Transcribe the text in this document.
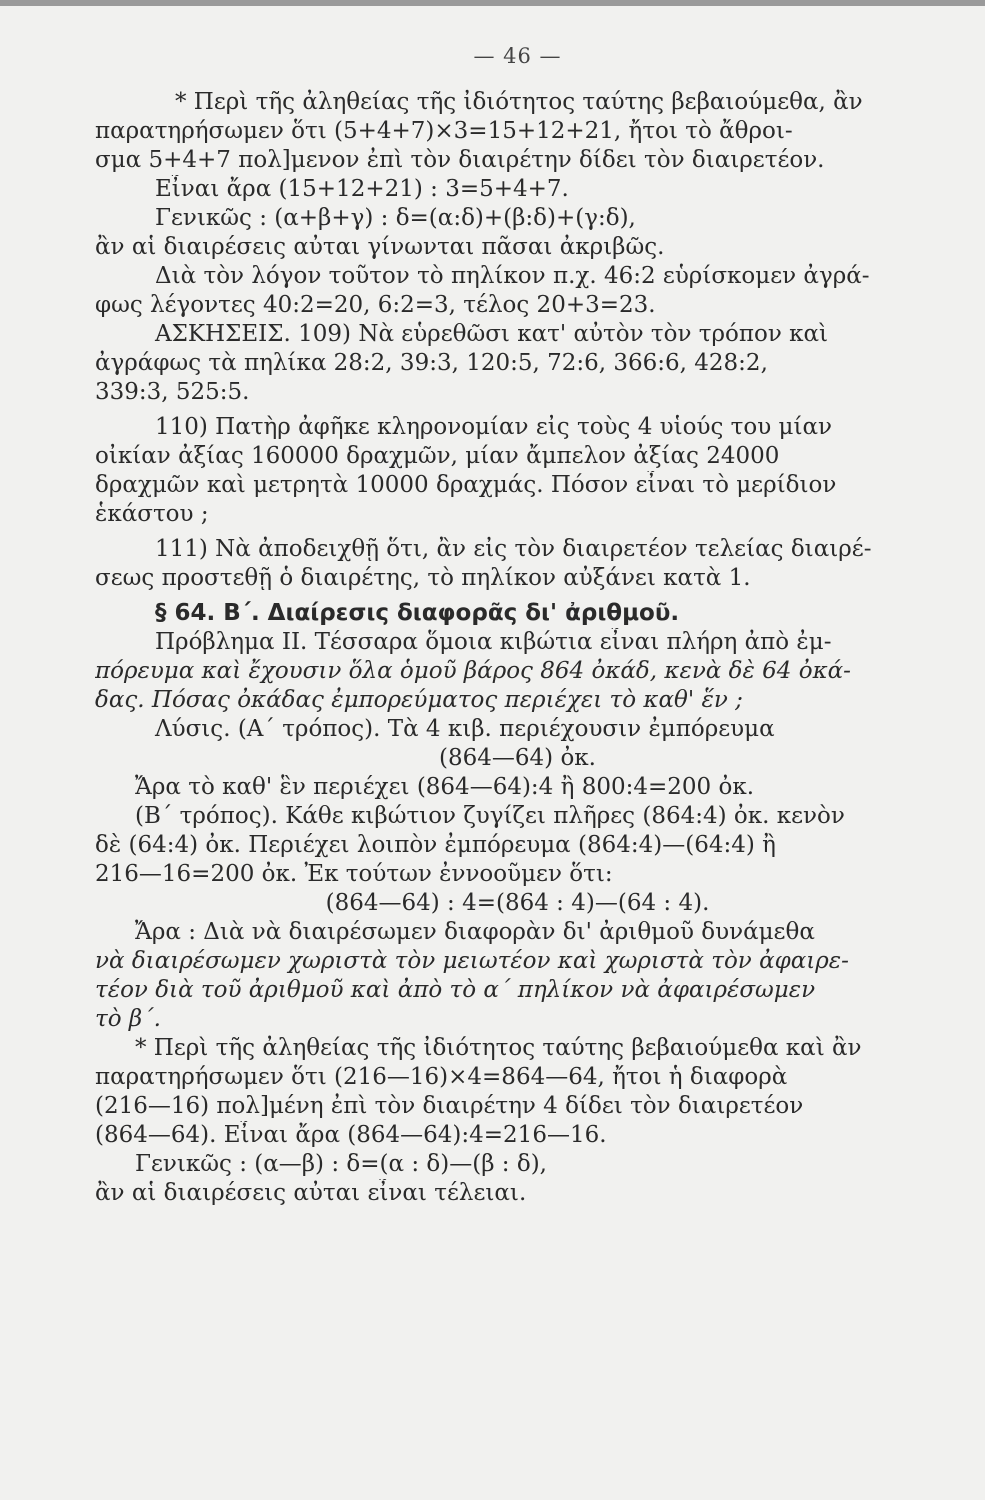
— 46 —
* Περὶ τῆς ἀληθείας τῆς ἰδιότητος ταύτης βεβαιούμεθα, ἂν
παρατηρήσωμεν ὅτι (5+4+7)×3=15+12+21, ἤτοι τὸ ἄθροι-
σμα 5+4+7 πολ]μενον ἐπὶ τὸν διαιρέτην δίδει τὸν διαιρετέον.
Εἶναι ἄρα (15+12+21) : 3=5+4+7.
Γενικῶς : (α+β+γ) : δ=(α:δ)+(β:δ)+(γ:δ),
ἂν αἱ διαιρέσεις αὐται γίνωνται πᾶσαι ἀκριβῶς.
Διὰ τὸν λόγον τοῦτον τὸ πηλίκον π.χ. 46:2 εὑρίσκομεν ἀγρά-
φως λέγοντες 40:2=20, 6:2=3, τέλος 20+3=23.
ΑΣΚΗΣΕΙΣ. 109) Νὰ εὑρεθῶσι κατ' αὐτὸν τὸν τρόπον καὶ
ἀγράφως τὰ πηλίκα 28:2, 39:3, 120:5, 72:6, 366:6, 428:2,
339:3, 525:5.
110) Πατὴρ ἀφῆκε κληρονομίαν εἰς τοὺς 4 υἱούς του μίαν
οἰκίαν ἀξίας 160000 δραχμῶν, μίαν ἄμπελον ἀξίας 24000
δραχμῶν καὶ μετρητὰ 10000 δραχμάς. Πόσον εἶναι τὸ μερίδιον
ἑκάστου ;
111) Νὰ ἀποδειχθῇ ὅτι, ἂν εἰς τὸν διαιρετέον τελείας διαιρέ-
σεως προστεθῇ ὁ διαιρέτης, τὸ πηλίκον αὐξάνει κατὰ 1.
§ 64. Β΄. Διαίρεσις διαφορᾶς δι' ἀριθμοῦ.
Πρόβλημα II. Τέσσαρα ὅμοια κιβώτια εἶναι πλήρη ἀπὸ ἐμ-
πόρευμα καὶ ἔχουσιν ὅλα ὁμοῦ βάρος 864 ὀκάδ, κενὰ δὲ 64 ὀκά-
δας. Πόσας ὀκάδας ἐμπορεύματος περιέχει τὸ καθ' ἕν ;
Λύσις. (Α΄ τρόπος). Τὰ 4 κιβ. περιέχουσιν ἐμπόρευμα
(864—64) ὀκ.
Ἄρα τὸ καθ' ἓν περιέχει (864—64):4 ἢ 800:4=200 ὀκ.
(Β΄ τρόπος). Κάθε κιβώτιον ζυγίζει πλῆρες (864:4) ὀκ. κενὸν
δὲ (64:4) ὀκ. Περιέχει λοιπὸν ἐμπόρευμα (864:4)—(64:4) ἢ
216—16=200 ὀκ. Ἐκ τούτων ἐννοοῦμεν ὅτι:
(864—64) : 4=(864 : 4)—(64 : 4).
Ἄρα : Διὰ νὰ διαιρέσωμεν διαφορὰν δι' ἀριθμοῦ δυνάμεθα
νὰ διαιρέσωμεν χωριστὰ τὸν μειωτέον καὶ χωριστὰ τὸν ἀφαιρε-
τέον διὰ τοῦ ἀριθμοῦ καὶ ἀπὸ τὸ α΄ πηλίκον νὰ ἀφαιρέσωμεν
τὸ β΄.
* Περὶ τῆς ἀληθείας τῆς ἰδιότητος ταύτης βεβαιούμεθα καὶ ἂν
παρατηρήσωμεν ὅτι (216—16)×4=864—64, ἤτοι ἡ διαφορὰ
(216—16) πολ]μένη ἐπὶ τὸν διαιρέτην 4 δίδει τὸν διαιρετέον
(864—64). Εἶναι ἄρα (864—64):4=216—16.
Γενικῶς : (α—β) : δ=(α : δ)—(β : δ),
ἂν αἱ διαιρέσεις αὐται εἶναι τέλειαι.
